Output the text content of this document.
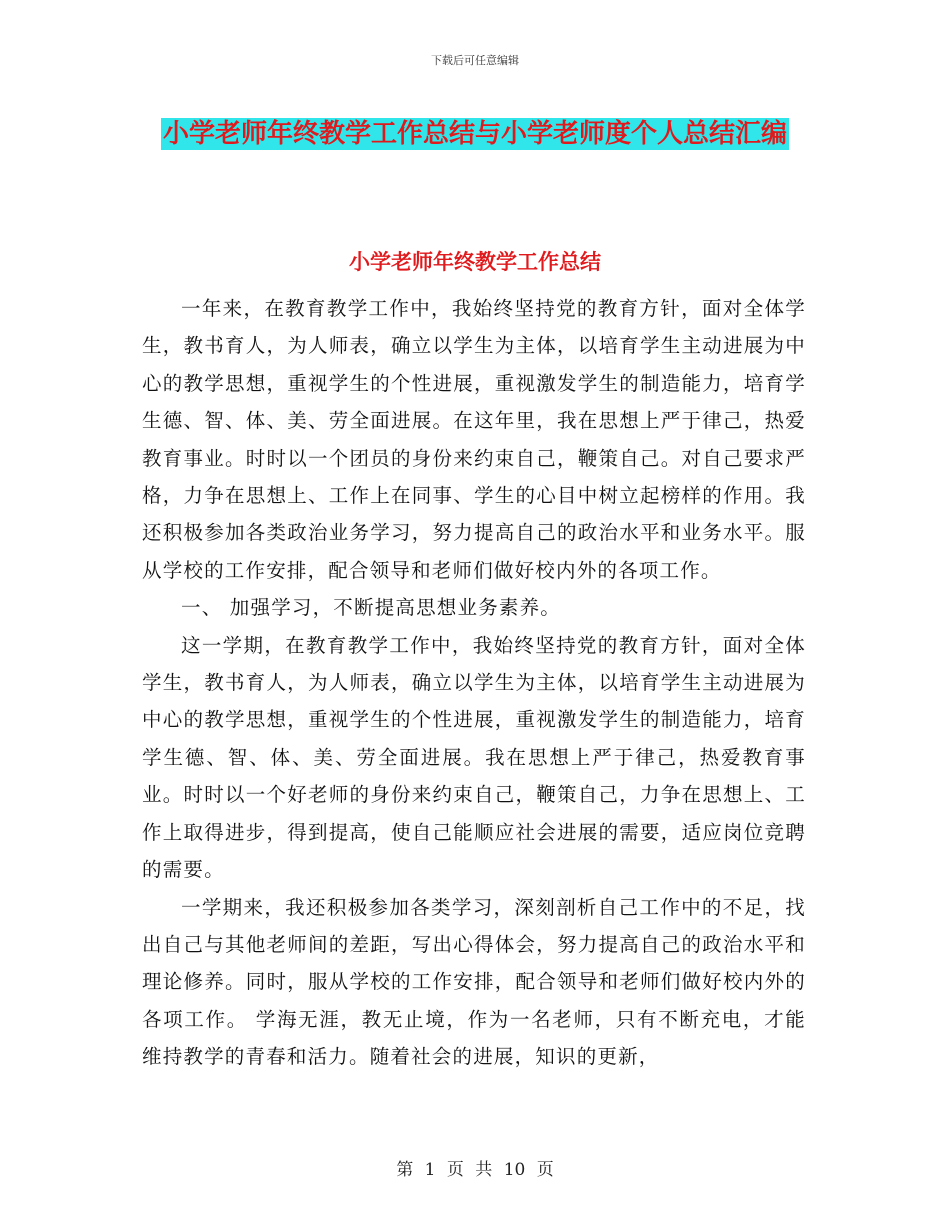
下载后可任意编辑
小学老师年终教学工作总结与小学老师度个人总结汇编
小学老师年终教学工作总结

一年来，在教育教学工作中，我始终坚持党的教育方针，面对全体学生，教书育人，为人师表，确立以学生为主体，以培育学生主动进展为中心的教学思想，重视学生的个性进展，重视激发学生的制造能力，培育学生德、智、体、美、劳全面进展。在这年里，我在思想上严于律己，热爱教育事业。时时以一个团员的身份来约束自己，鞭策自己。对自己要求严格，力争在思想上、工作上在同事、学生的心目中树立起榜样的作用。我还积极参加各类政治业务学习，努力提高自己的政治水平和业务水平。服从学校的工作安排，配合领导和老师们做好校内外的各项工作。

一、 加强学习，不断提高思想业务素养。

这一学期，在教育教学工作中，我始终坚持党的教育方针，面对全体学生，教书育人，为人师表，确立以学生为主体，以培育学生主动进展为中心的教学思想，重视学生的个性进展，重视激发学生的制造能力，培育学生德、智、体、美、劳全面进展。我在思想上严于律己，热爱教育事业。时时以一个好老师的身份来约束自己，鞭策自己，力争在思想上、工作上取得进步，得到提高，使自己能顺应社会进展的需要，适应岗位竞聘的需要。

一学期来，我还积极参加各类学习，深刻剖析自己工作中的不足，找出自己与其他老师间的差距，写出心得体会，努力提高自己的政治水平和理论修养。同时，服从学校的工作安排，配合领导和老师们做好校内外的各项工作。 学海无涯，教无止境，作为一名老师，只有不断充电，才能维持教学的青春和活力。随着社会的进展，知识的更新，

第 1 页 共 10 页
